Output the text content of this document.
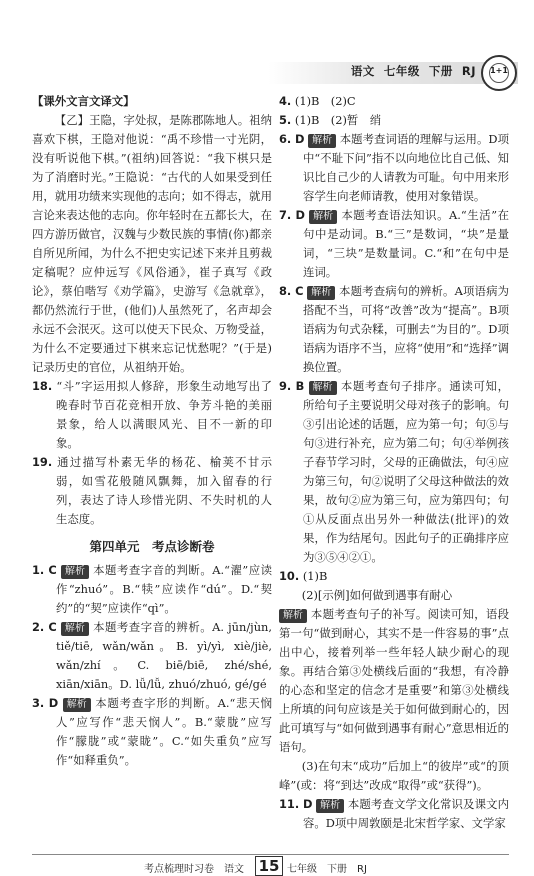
语文 七年级 下册 RJ	1+1

【课外文言文译文】

【乙】王隐，字处叔，是陈郡陈地人。祖纳喜欢下棋，王隐对他说：“禹不珍惜一寸光阴，没有听说他下棋。”(祖纳)回答说：“我下棋只是为了消磨时光。”王隐说：“古代的人如果受到任用，就用功绩来实现他的志向；如不得志，就用言论来表达他的志向。你年轻时在五都长大，在四方游历做官，汉魏与少数民族的事情(你)都亲自所见所闻，为什么不把史实记述下来并且剪裁定稿呢？应仲远写《风俗通》，崔子真写《政论》，蔡伯喈写《劝学篇》，史游写《急就章》，都仍然流行于世，(他们)人虽然死了，名声却会永远不会泯灭。这可以使天下民众、万物受益，为什么不定要通过下棋来忘记忧愁呢？”(于是)记录历史的官位，从祖纳开始。

18. “斗”字运用拟人修辞，形象生动地写出了晚春时节百花竞相开放、争芳斗艳的美丽景象，给人以满眼风光、目不一新的印象。

19. 通过描写朴素无华的杨花、榆荚不甘示弱，如雪花般随风飘舞，加入留春的行列，表达了诗人珍惜光阴、不失时机的人生态度。

第四单元　考点诊断卷

1. C 解析 本题考查字音的判断。A.“濯”应读作“zhuó”。B.“犊”应读作“dú”。D.“契约”的“契”应读作“qì”。

2. C 解析 本题考查字音的辨析。A. jūn/jùn, tiě/tiē, wǎn/wǎn。B. yì/yì, xiè/jiè, wǎn/zhí。C. biē/biē, zhé/shé, xiān/xiān。D. lǚ/lǚ, zhuó/zhuó, gé/gé

3. D 解析 本题考查字形的判断。A.“悲天悯人”应写作“悲天悯人”。B.“蒙胧”应写作“朦胧”或“蒙眬”。C.“如失重负”应写作“如释重负”。

4. (1)B　(2)C

5. (1)B　(2)暂　绡

6. D 解析 本题考查词语的理解与运用。D项中“不耻下问”指不以向地位比自己低、知识比自己少的人请教为可耻。句中用来形容学生向老师请教，使用对象错误。

7. D 解析 本题考查语法知识。A.“生活”在句中是动词。B.“三”是数词，“块”是量词，“三块”是数量词。C.“和”在句中是连词。

8. C 解析 本题考查病句的辨析。A项语病为搭配不当，可将“改善”改为“提高”。B项语病为句式杂糅，可删去“为目的”。D项语病为语序不当，应将“使用”和“选择”调换位置。

9. B 解析 本题考查句子排序。通读可知，所给句子主要说明父母对孩子的影响。句③引出论述的话题，应为第一句；句⑤与句③进行补充，应为第二句；句④举例孩子春节学习时，父母的正确做法，句④应为第三句，句②说明了父母这种做法的效果，故句②应为第三句，应为第四句；句①从反面点出另外一种做法(批评)的效果，作为结尾句。因此句子的正确排序应为③⑤④②①。

10. (1)B

(2)[示例]如何做到遇事有耐心

解析 本题考查句子的补写。阅读可知，语段第一句“做到耐心，其实不是一件容易的事”点出中心，接着列举一些年轻人缺少耐心的现象。再结合第③处横线后面的“我想，有冷静的心态和坚定的信念才是重要”和第③处横线上所填的问句应该是关于如何做到耐心的，因此可填写与“如何做到遇事有耐心”意思相近的语句。

(3)在句末“成功”后加上“的彼岸”或“的顶峰”(或：将“到达”改成“取得”或“获得”)。

11. D 解析 本题考查文学文化常识及课文内容。D项中周敦颐是北宋哲学家、文学家

考点梳理时习卷　语文 15 七年级　下册　RJ
